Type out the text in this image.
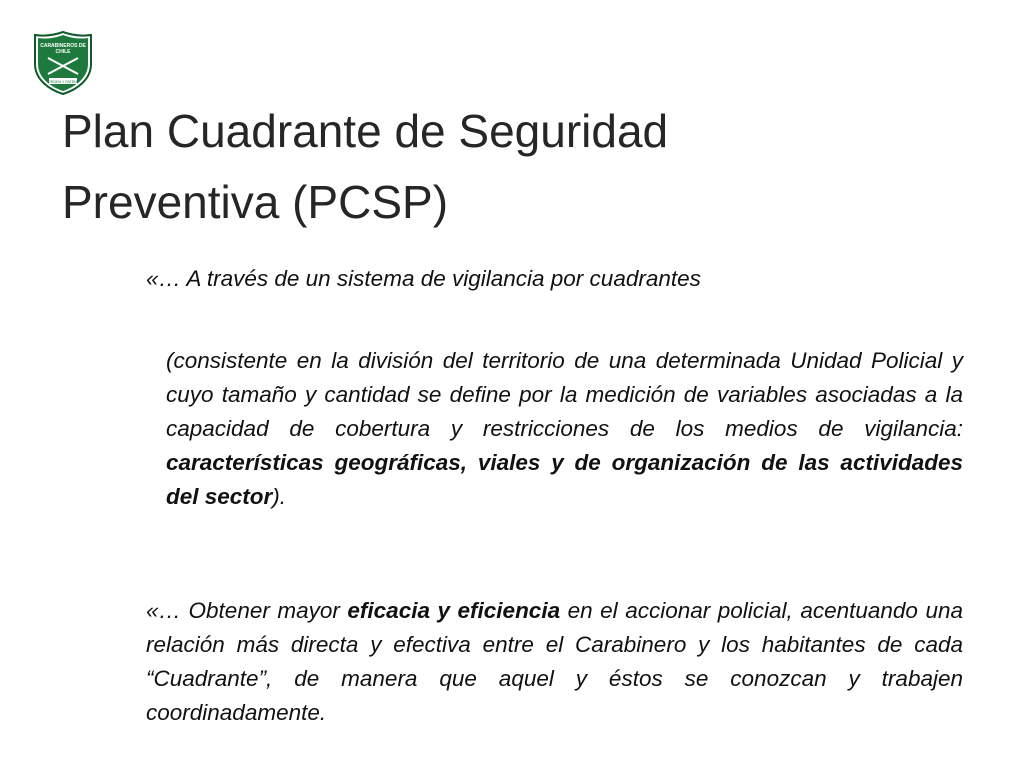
CARABINEROS DE
CHILE
ORDEN Y PATRIA
Plan Cuadrante de Seguridad
Preventiva (PCSP)

«… A través de un sistema de vigilancia por cuadrantes

(consistente en la división del territorio de una determinada Unidad Policial y cuyo tamaño y cantidad se define por la medición de variables asociadas a la capacidad de cobertura y restricciones de los medios de vigilancia: características geográficas, viales y de organización de las actividades del sector).

«… Obtener mayor eficacia y eficiencia en el accionar policial, acentuando una relación más directa y efectiva entre el Carabinero y los habitantes de cada “Cuadrante”, de manera que aquel y éstos se conozcan y trabajen coordinadamente.
